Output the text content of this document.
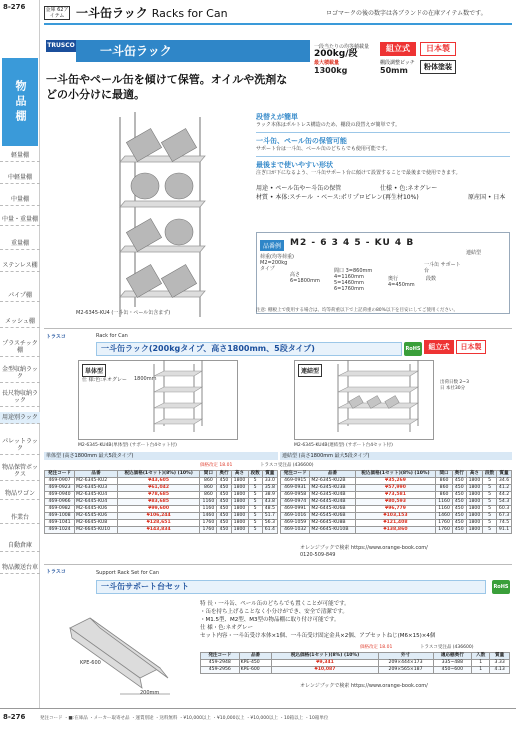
8-276
物品棚
軽量棚
中軽量棚
中量棚
中量・重量棚
重量棚
ステンレス棚
パイプ棚
メッシュ棚
プラスチック棚
金型収納ラック
長尺物収納ラック
用途別ラック
パレットラック
物品保管ボックス
物品ワゴン
作業台
自動倉庫
物品搬送台車
金庫 62アイテム 一斗缶ラック Racks for Can	ロゴマークの後の数字は各ブランドの在庫アイテム数です。
TRUSCO	一斗缶ラック	一段当たりの均等積載量
200kg/段
組立式	日本製
最大積載量
1300kg
棚段調整ピッチ
50mm	粉体塗装
一斗缶やペール缶を傾けて保管。オイルや洗剤などの小分けに最適。
M2-6345-KU4 (一斗缶・ペール缶含まず)
段替えが簡単
ラック本体はボルトレス構造のため、棚段の段替えが簡単です。
一斗缶、ペール缶の保管可能
サポート台は一斗缶、ペール缶のどちらでも使用可能です。
最後まで使いやすい形状
注ぎ口が下になるよう、一斗缶サポート台に傾けて設置することで最後まで使用できます。
用途 • ペール缶やー斗缶の保管	仕様 • 色:ネオグレー
材質 • 本体:スチール ・ベース:ポリプロピレン(再生材10%)	原産国 • 日本
品番例 M2 - 6 3 4 5 - KU 4 B
荷重(均等荷重)
M2=200kg
タイプ
高さ 6=1800mm
間口 3=860mm 4=1160mm 5=1460mm 6=1760mm
奥行 4=450mm
一斗缶 サポート台
段数
連結型
注意: 棚板上で使用する場合は、均等荷重以下で上記荷重の80%以下を目安にしてご使用ください。
トラスコ	Rack for Can
一斗缶ラック(200kgタイプ、高さ1800mm、5段タイプ)	RoHS	組立式	日本製
単体型
仕 様:色:ネオグレー 1800mm
連結型
出荷日数 2~3日 本社30分
M2-6345-KU4B(単体型) (サポート台4セット付)	M2-6345-KU4B(連結型) (サポート台4セット付)
単体型 (高さ1800mm 最大5段タイプ)	連結型 (高さ1800mm 最大5段タイプ)
価格改定 18.01	トラスコ受注品 (436600)
発注コード	品番	税込価格(1セット)(8%) (10%)	間口	奥行	高さ	段数	質量
469-0907	M2-6345-KU2	¥43,605	860	450	1800	5	33.0
469-0923	M2-6345-KU3	¥61,042	860	450	1800	5	35.8
469-0940	M2-6345-KU4	¥78,685	860	450	1800	5	38.9
469-0966	M2-6445-KU4	¥83,685	1160	450	1800	5	43.8
469-0982	M2-6445-KU6	¥99,600	1160	450	1800	5	48.5
469-1008	M2-6545-KU6	¥106,244	1460	450	1800	5	51.7
469-1041	M2-6645-KU8	¥128,651	1760	450	1800	5	56.3
469-1024	M2-6645-KU10	¥143,834	1760	450	1800	5	61.4
発注コード	品番	税込価格(1セット)(8%) (10%)	間口	奥行	高さ	段数	質量
469-0915	M2-6345-KU2B	¥35,269	860	450	1800	5	34.6
469-0931	M2-6345-KU3B	¥57,990	860	450	1800	5	41.2
469-0958	M2-6345-KU4B	¥73,581	860	450	1800	5	44.2
469-0974	M2-6445-KU4B	¥80,593	1160	450	1800	5	54.3
469-0991	M2-6445-KU6B	¥96,779	1160	450	1800	5	60.3
469-1016	M2-6545-KU6B	¥103,153	1460	450	1800	5	67.3
469-1059	M2-6645-KU8B	¥121,408	1760	450	1800	5	74.5
469-1032	M2-6645-KU10B	¥138,860	1760	450	1800	5	91.1
オレンジブックで検索 https://www.orange-book.com/
0120-509-849
トラスコ	Support Rack Set for Can
一斗缶サポート台セット	RoHS
KPE-600
200mm
特 長・一斗缶、ペール缶のどちらでも置くことが可能です。
・缶を持ち上げることなく小分けができ、安全で清潔です。
・M1.5型、M2型、M3型の物品棚に取り付け可能です。
仕 様・色:ネオグレー
セット内容・一斗缶受け本体×1個、一斗缶受け固定金具×2個、アプセットねじ(M6×15)×4個
価格改定 18.01	トラスコ受注品 (436600)
発注コード	品番	税込価格(1セット)(8%) (10%)	外寸	適応棚奥行	入数	質量
459-2948	KPE-450	¥9,341	209×444×173	335~488	1	3.33
459-2956	KPE-600	¥10,087	209×565×187	450~600	1	4.13
オレンジブックで検索 https://www.orange-book.com/
8-276	発注コード ・■:在庫品 ・メーカー取寄せ品 ・運賃別途 ・送料無料 ・¥10,000以上 ・¥10,000以上 ・¥10,000以上 ・10箱以上 ・10箱単位
